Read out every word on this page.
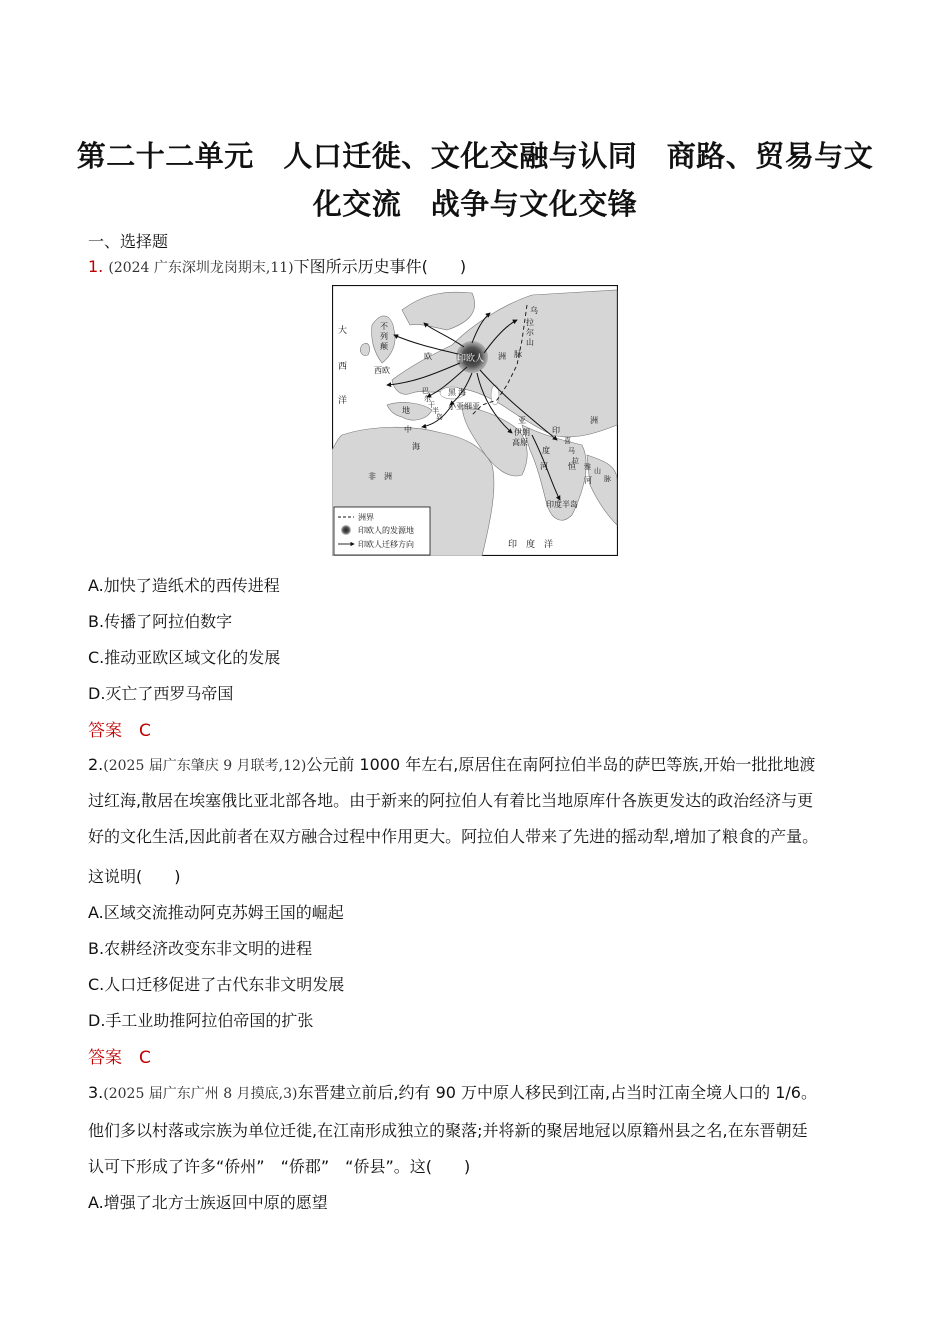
第二十二单元　人口迁徙、文化交融与认同　商路、贸易与文
化交流　战争与文化交锋
一、选择题
1. (2024 广东深圳龙岗期末,11)下图所示历史事件(　　)
大
西
洋
不
列
颠
西欧
欧	洲
印欧人
乌
拉
尔
山
脉
黑 海
巴
尔
干
半
岛
小亚细亚
地
中
海
亚	洲
伊 朗
高 原
印
度
河	恒
河
喜
马
拉
雅 山
脉
印度半岛
非　洲
印　度　洋
洲界
印欧人的发源地
印欧人迁移方向
A.加快了造纸术的西传进程
B.传播了阿拉伯数字
C.推动亚欧区域文化的发展
D.灭亡了西罗马帝国
答案　C
2.(2025 届广东肇庆 9 月联考,12)公元前 1000 年左右,原居住在南阿拉伯半岛的萨巴等族,开始一批批地渡
过红海,散居在埃塞俄比亚北部各地。由于新来的阿拉伯人有着比当地原库什各族更发达的政治经济与更
好的文化生活,因此前者在双方融合过程中作用更大。阿拉伯人带来了先进的摇动犁,增加了粮食的产量。
这说明(　　)
A.区域交流推动阿克苏姆王国的崛起
B.农耕经济改变东非文明的进程
C.人口迁移促进了古代东非文明发展
D.手工业助推阿拉伯帝国的扩张
答案　C
3.(2025 届广东广州 8 月摸底,3)东晋建立前后,约有 90 万中原人移民到江南,占当时江南全境人口的 1/6。
他们多以村落或宗族为单位迁徙,在江南形成独立的聚落;并将新的聚居地冠以原籍州县之名,在东晋朝廷
认可下形成了许多“侨州”　“侨郡”　“侨县”。这(　　)
A.增强了北方士族返回中原的愿望
